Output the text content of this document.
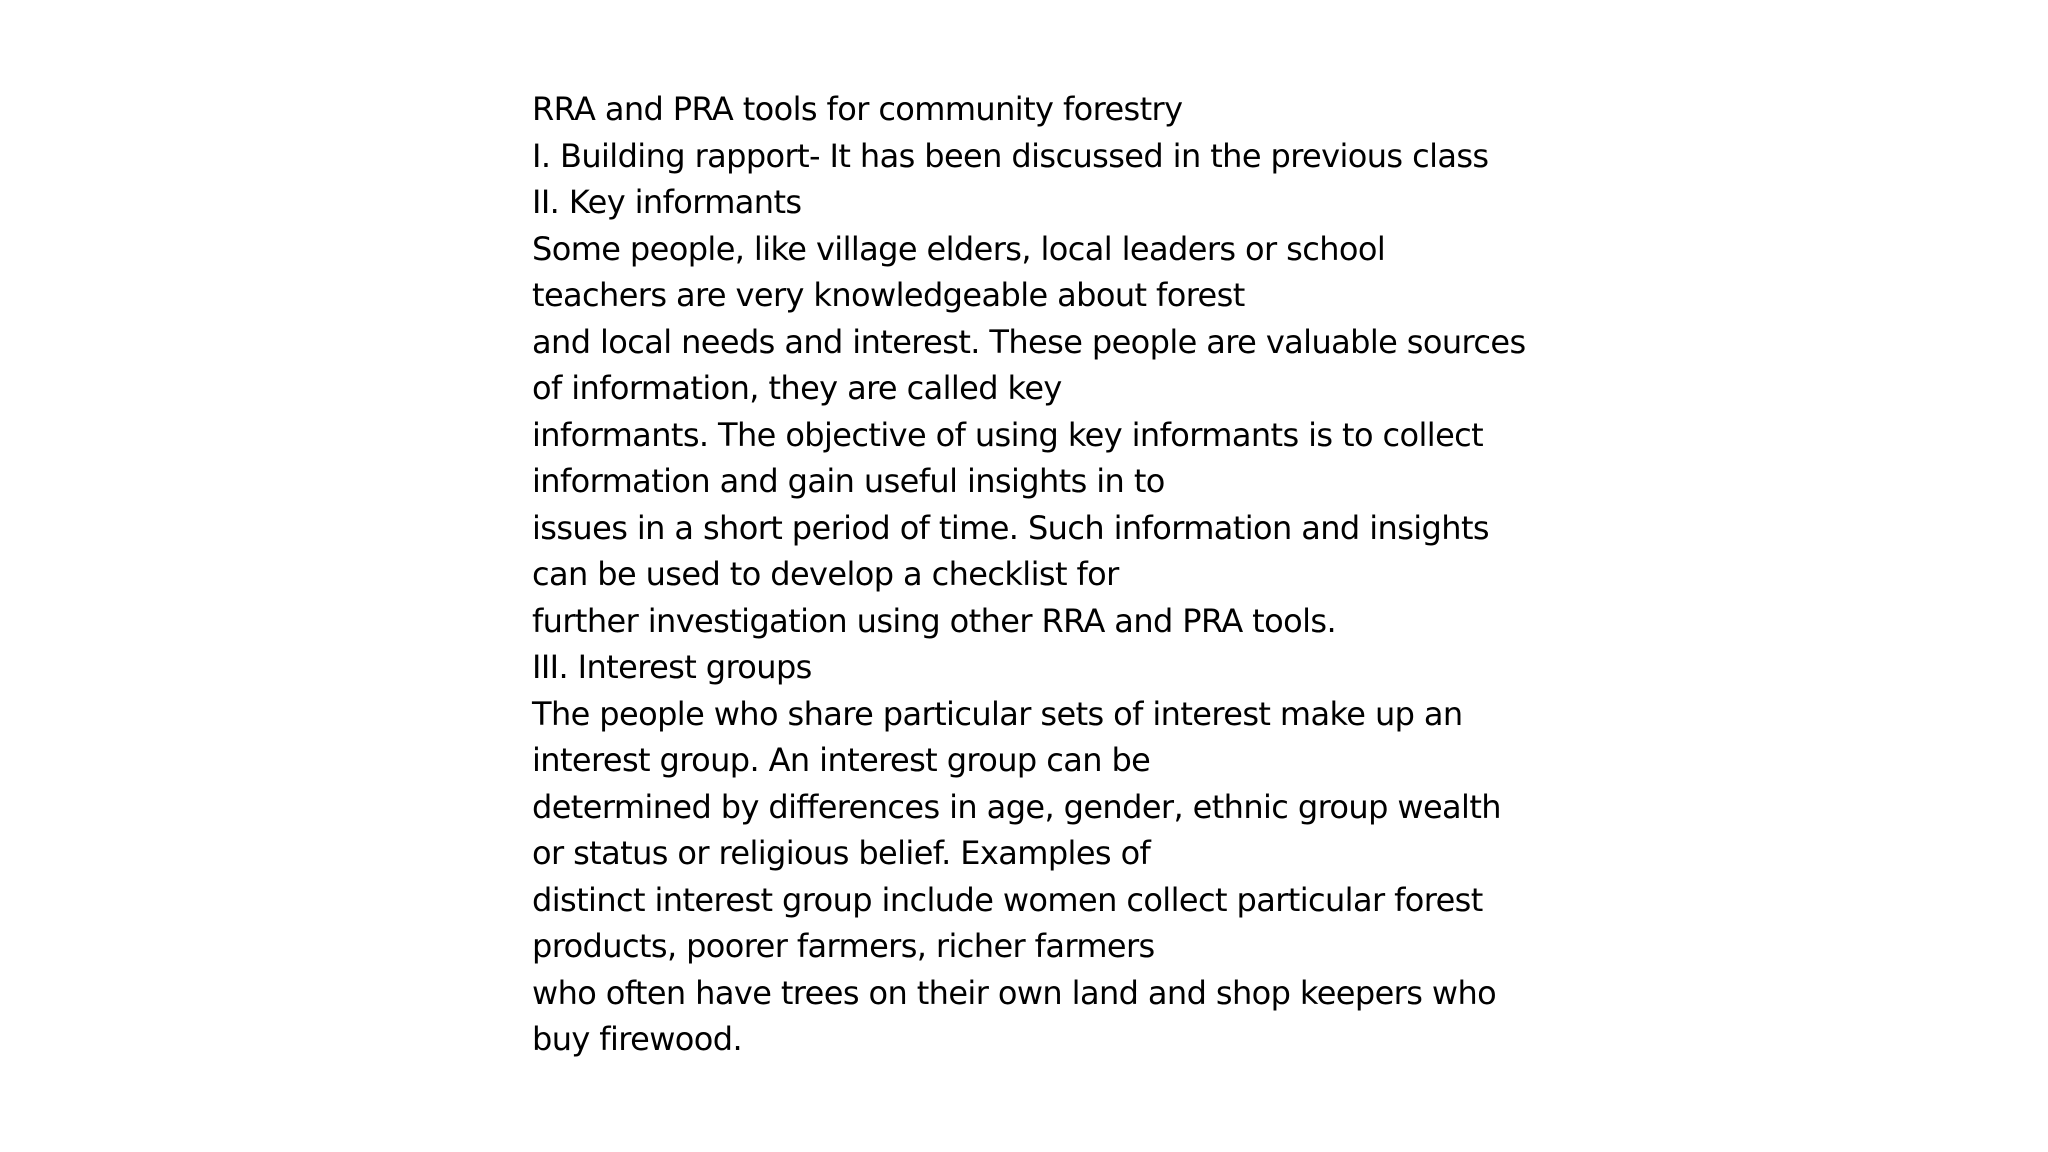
RRA and PRA tools for community forestry
I. Building rapport- It has been discussed in the previous class
II. Key informants
Some people, like village elders, local leaders or school
teachers are very knowledgeable about forest
and local needs and interest. These people are valuable sources
of information, they are called key
informants. The objective of using key informants is to collect
information and gain useful insights in to
issues in a short period of time. Such information and insights
can be used to develop a checklist for
further investigation using other RRA and PRA tools.
III. Interest groups
The people who share particular sets of interest make up an
interest group. An interest group can be
determined by differences in age, gender, ethnic group wealth
or status or religious belief. Examples of
distinct interest group include women collect particular forest
products, poorer farmers, richer farmers
who often have trees on their own land and shop keepers who
buy firewood.
